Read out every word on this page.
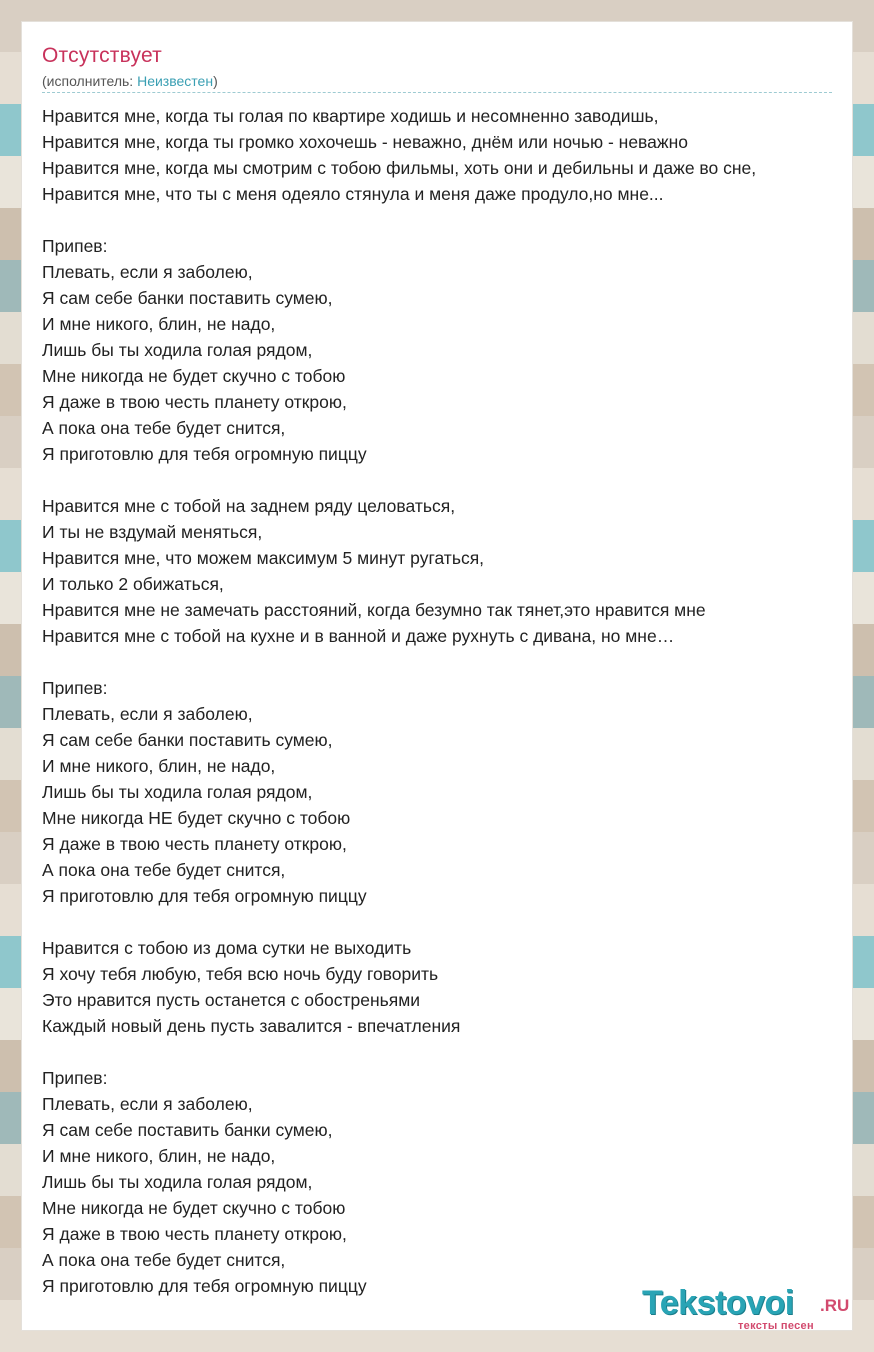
Отсутствует
(исполнитель: Неизвестен)
Нравится мне, когда ты голая по квартире ходишь и несомненно заводишь,
Нравится мне, когда ты громко хохочешь - неважно, днём или ночью - неважно
Нравится мне, когда мы смотрим с тобою фильмы, хоть они и дебильны и даже во сне,
Нравится мне, что ты с меня одеяло стянула и меня даже продуло,но мне...
Припев:
Плевать, если я заболею,
Я сам себе банки поставить сумею,
И мне никого, блин, не надо,
Лишь бы ты ходила голая рядом,
Мне никогда не будет скучно с тобою
Я даже в твою честь планету открою,
А пока она тебе будет снится,
Я приготовлю для тебя огромную пиццу
Нравится мне с тобой на заднем ряду целоваться,
И ты не вздумай меняться,
Нравится мне, что можем максимум 5 минут ругаться,
И только 2 обижаться,
Нравится мне не замечать расстояний, когда безумно так тянет,это нравится мне
Нравится мне с тобой на кухне и в ванной и даже рухнуть с дивана, но мне…
Припев:
Плевать, если я заболею,
Я сам себе банки поставить сумею,
И мне никого, блин, не надо,
Лишь бы ты ходила голая рядом,
Мне никогда НЕ будет скучно с тобою
Я даже в твою честь планету открою,
А пока она тебе будет снится,
Я приготовлю для тебя огромную пиццу
Нравится с тобою из дома сутки не выходить
Я хочу тебя любую, тебя всю ночь буду говорить
Это нравится пусть останется с обостреньями
Каждый новый день пусть завалится - впечатления
Припев:
Плевать, если я заболею,
Я сам себе поставить банки сумею,
И мне никого, блин, не надо,
Лишь бы ты ходила голая рядом,
Мне никогда не будет скучно с тобою
Я даже в твою честь планету открою,
А пока она тебе будет снится,
Я приготовлю для тебя огромную пиццу	Tekstovoi .RU
тексты песен
